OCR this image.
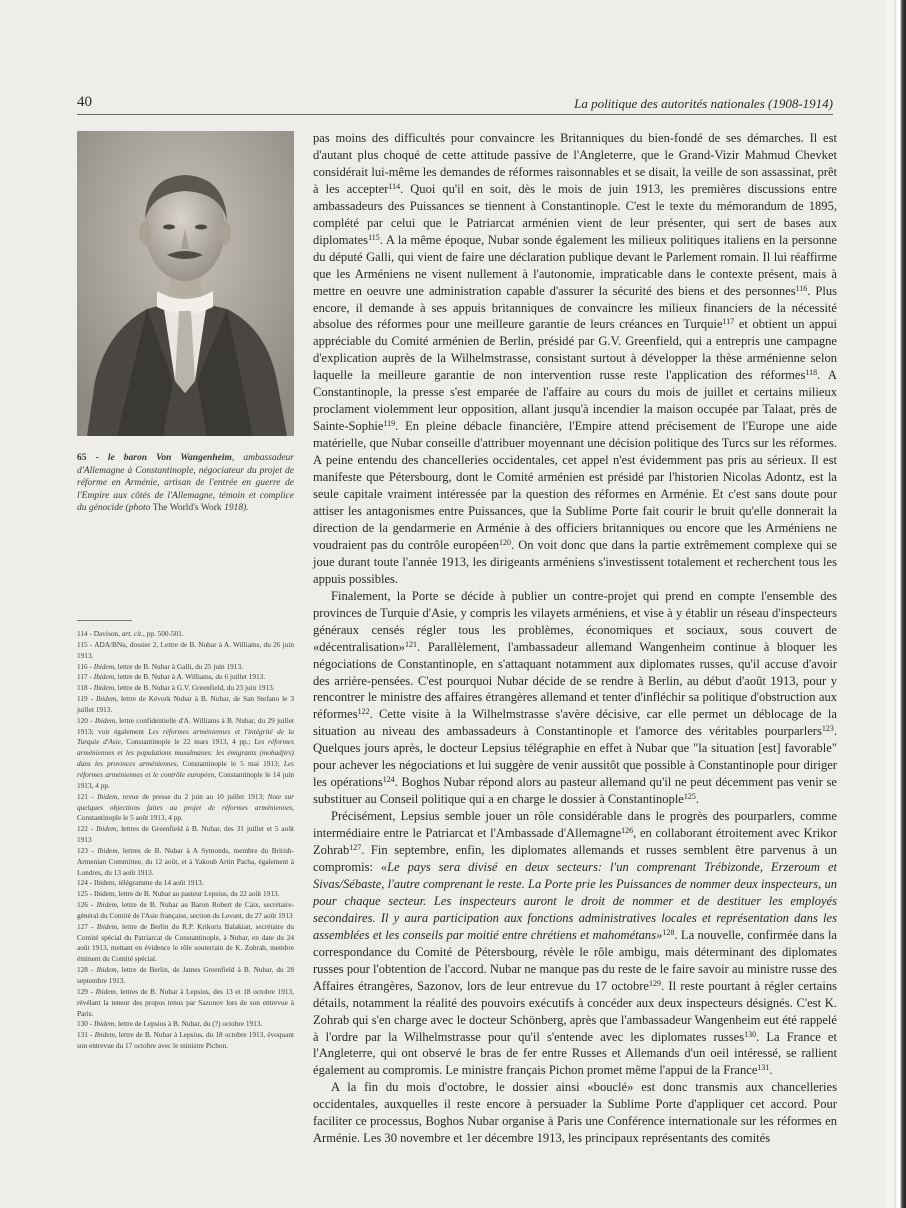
40	La politique des autorités nationales (1908-1914)
65 - le baron Von Wangenheim, ambassadeur d'Allemagne à Constantinople, négociateur du projet de réforme en Arménie, artisan de l'entrée en guerre de l'Empire aux côtés de l'Allemagne, témoin et complice du génocide (photo The World's Work 1918).

114 - Davison, art. cit., pp. 500-501.

115 - ADA/BNu, dossier 2, Lettre de B. Nubar à A. Williams, du 26 juin 1913.

116 - Ibidem, lettre de B. Nubar à Galli, du 25 juin 1913.

117 - Ibidem, lettre de B. Nubar à A. Williams, du 6 juillet 1913.

118 - Ibidem, lettre de B. Nubar à G.V. Greenfield, du 23 juin 1913.

119 - Ibidem, lettre de Kévork Nubar à B. Nubar, de San Stefano le 3 juillet 1913.

120 - Ibidem, lettre confidentielle d'A. Williams à B. Nubar, du 29 juillet 1913; voir également Les réformes arméniennes et l'intégrité de la Turquie d'Asie, Constantinople le 22 mars 1913, 4 pp.; Les réformes arméniennes et les populations musulmanes: les émigrants (mohadjirs) dans les provinces arméniennes, Constantinople le 5 mai 1913; Les réformes arméniennes et le contrôle européen, Constantinople le 14 juin 1913, 4 pp.

121 - Ibidem, revue de presse du 2 juin au 10 juillet 1913; Note sur quelques objections faites au projet de réformes arméniennes, Constantinople le 5 août 1913, 4 pp.

122 - Ibidem, lettres de Greenfield à B. Nubar, des 31 juillet et 5 août 1913

123 - Ibidem, lettres de B. Nubar à A Symonds, membre du British-Armenian Committee, du 12 août, et à Yakoub Artin Pacha, également à Londres, du 13 août 1913.

124 - Ibidem, télégramme du 14 août 1913.

125 - Ibidem, lettre de B. Nubar au pasteur Lepsius, du 22 août 1913.

126 - Ibidem, lettre de B. Nubar au Baron Robert de Caix, secrétaire-général du Comité de l'Asie française, section du Levant, du 27 août 1913

127 - Ibidem, lettre de Berlin du R.P. Krikoris Balakian, secrétaire du Comité spécial du Patriarcat de Constantinople, à Nubar, en date du 24 août 1913, mettant en évidence le rôle souterrain de K. Zohrab, membre éminent du Comité spécial.

128 - Ibidem, lettre de Berlin, de James Greenfield à B. Nubar, du 28 septembre 1913.

129 - Ibidem, lettres de B. Nubar à Lepsius, des 13 et 18 octobre 1913, révélant la teneur des propos tenus par Sazonov lors de son entrevue à Paris.

130 - Ibidem, lettre de Lepsius à B. Nubar, du (?) octobre 1913.

131 - Ibidem, lettre de B. Nubar à Lepsius, du 18 octobre 1913, évoquant son entrevue du 17 octobre avec le ministre Pichon.

pas moins des difficultés pour convaincre les Britanniques du bien-fondé de ses démarches. Il est d'autant plus choqué de cette attitude passive de l'Angleterre, que le Grand-Vizir Mahmud Chevket considérait lui-même les demandes de réformes raisonnables et se disait, la veille de son assassinat, prêt à les accepter$^{114}$. Quoi qu'il en soit, dès le mois de juin 1913, les premières discussions entre ambassadeurs des Puissances se tiennent à Constantinople. C'est le texte du mémorandum de 1895, complété par celui que le Patriarcat arménien vient de leur présenter, qui sert de bases aux diplomates$^{115}$. A la même époque, Nubar sonde également les milieux politiques italiens en la personne du député Galli, qui vient de faire une déclaration publique devant le Parlement romain. Il lui réaffirme que les Arméniens ne visent nullement à l'autonomie, impraticable dans le contexte présent, mais à mettre en oeuvre une administration capable d'assurer la sécurité des biens et des personnes$^{116}$. Plus encore, il demande à ses appuis britanniques de convaincre les milieux financiers de la nécessité absolue des réformes pour une meilleure garantie de leurs créances en Turquie$^{117}$ et obtient un appui appréciable du Comité arménien de Berlin, présidé par G.V. Greenfield, qui a entrepris une campagne d'explication auprès de la Wilhelmstrasse, consistant surtout à développer la thèse arménienne selon laquelle la meilleure garantie de non intervention russe reste l'application des réformes$^{118}$. A Constantinople, la presse s'est emparée de l'affaire au cours du mois de juillet et certains milieux proclament violemment leur opposition, allant jusqu'à incendier la maison occupée par Talaat, près de Sainte-Sophie$^{119}$. En pleine débacle financière, l'Empire attend précisement de l'Europe une aide matérielle, que Nubar conseille d'attribuer moyennant une décision politique des Turcs sur les réformes. A peine entendu des chancelleries occidentales, cet appel n'est évidemment pas pris au sérieux. Il est manifeste que Pétersbourg, dont le Comité arménien est présidé par l'historien Nicolas Adontz, est la seule capitale vraiment intéressée par la question des réformes en Arménie. Et c'est sans doute pour attiser les antagonismes entre Puissances, que la Sublime Porte fait courir le bruit qu'elle donnerait la direction de la gendarmerie en Arménie à des officiers britanniques ou encore que les Arméniens ne voudraient pas du contrôle européen$^{120}$. On voit donc que dans la partie extrêmement complexe qui se joue durant toute l'année 1913, les dirigeants arméniens s'investissent totalement et recherchent tous les appuis possibles.

Finalement, la Porte se décide à publier un contre-projet qui prend en compte l'ensemble des provinces de Turquie d'Asie, y compris les vilayets arméniens, et vise à y établir un réseau d'inspecteurs généraux censés régler tous les problèmes, économiques et sociaux, sous couvert de «décentralisation»$^{121}$. Parallèlement, l'ambassadeur allemand Wangenheim continue à bloquer les négociations de Constantinople, en s'attaquant notamment aux diplomates russes, qu'il accuse d'avoir des arrière-pensées. C'est pourquoi Nubar décide de se rendre à Berlin, au début d'août 1913, pour y rencontrer le ministre des affaires étrangères allemand et tenter d'infléchir sa politique d'obstruction aux réformes$^{122}$. Cette visite à la Wilhelmstrasse s'avère décisive, car elle permet un déblocage de la situation au niveau des ambassadeurs à Constantinople et l'amorce des véritables pourparlers$^{123}$. Quelques jours après, le docteur Lepsius télégraphie en effet à Nubar que "la situation [est] favorable" pour achever les négociations et lui suggère de venir aussitôt que possible à Constantinople pour diriger les opérations$^{124}$. Boghos Nubar répond alors au pasteur allemand qu'il ne peut décemment pas venir se substituer au Conseil politique qui a en charge le dossier à Constantinople$^{125}$.

Précisément, Lepsius semble jouer un rôle considérable dans le progrès des pourparlers, comme intermédiaire entre le Patriarcat et l'Ambassade d'Allemagne$^{126}$, en collaborant étroitement avec Krikor Zohrab$^{127}$. Fin septembre, enfin, les diplomates allemands et russes semblent être parvenus à un compromis: «Le pays sera divisé en deux secteurs: l'un comprenant Trébizonde, Erzeroum et Sivas/Sébaste, l'autre comprenant le reste. La Porte prie les Puissances de nommer deux inspecteurs, un pour chaque secteur. Les inspecteurs auront le droit de nommer et de destituer les employés secondaires. Il y aura participation aux fonctions administratives locales et représentation dans les assemblées et les conseils par moitié entre chrétiens et mahométans»$^{128}$. La nouvelle, confirmée dans la correspondance du Comité de Pétersbourg, révèle le rôle ambigu, mais déterminant des diplomates russes pour l'obtention de l'accord. Nubar ne manque pas du reste de le faire savoir au ministre russe des Affaires étrangères, Sazonov, lors de leur entrevue du 17 octobre$^{129}$. Il reste pourtant à régler certains détails, notamment la réalité des pouvoirs exécutifs à concéder aux deux inspecteurs désignés. C'est K. Zohrab qui s'en charge avec le docteur Schönberg, après que l'ambassadeur Wangenheim eut été rappelé à l'ordre par la Wilhelmstrasse pour qu'il s'entende avec les diplomates russes$^{130}$. La France et l'Angleterre, qui ont observé le bras de fer entre Russes et Allemands d'un oeil intéressé, se rallient également au compromis. Le ministre français Pichon promet même l'appui de la France$^{131}$.

A la fin du mois d'octobre, le dossier ainsi «bouclé» est donc transmis aux chancelleries occidentales, auxquelles il reste encore à persuader la Sublime Porte d'appliquer cet accord. Pour faciliter ce processus, Boghos Nubar organise à Paris une Conférence internationale sur les réformes en Arménie. Les 30 novembre et 1er décembre 1913, les principaux représentants des comités
